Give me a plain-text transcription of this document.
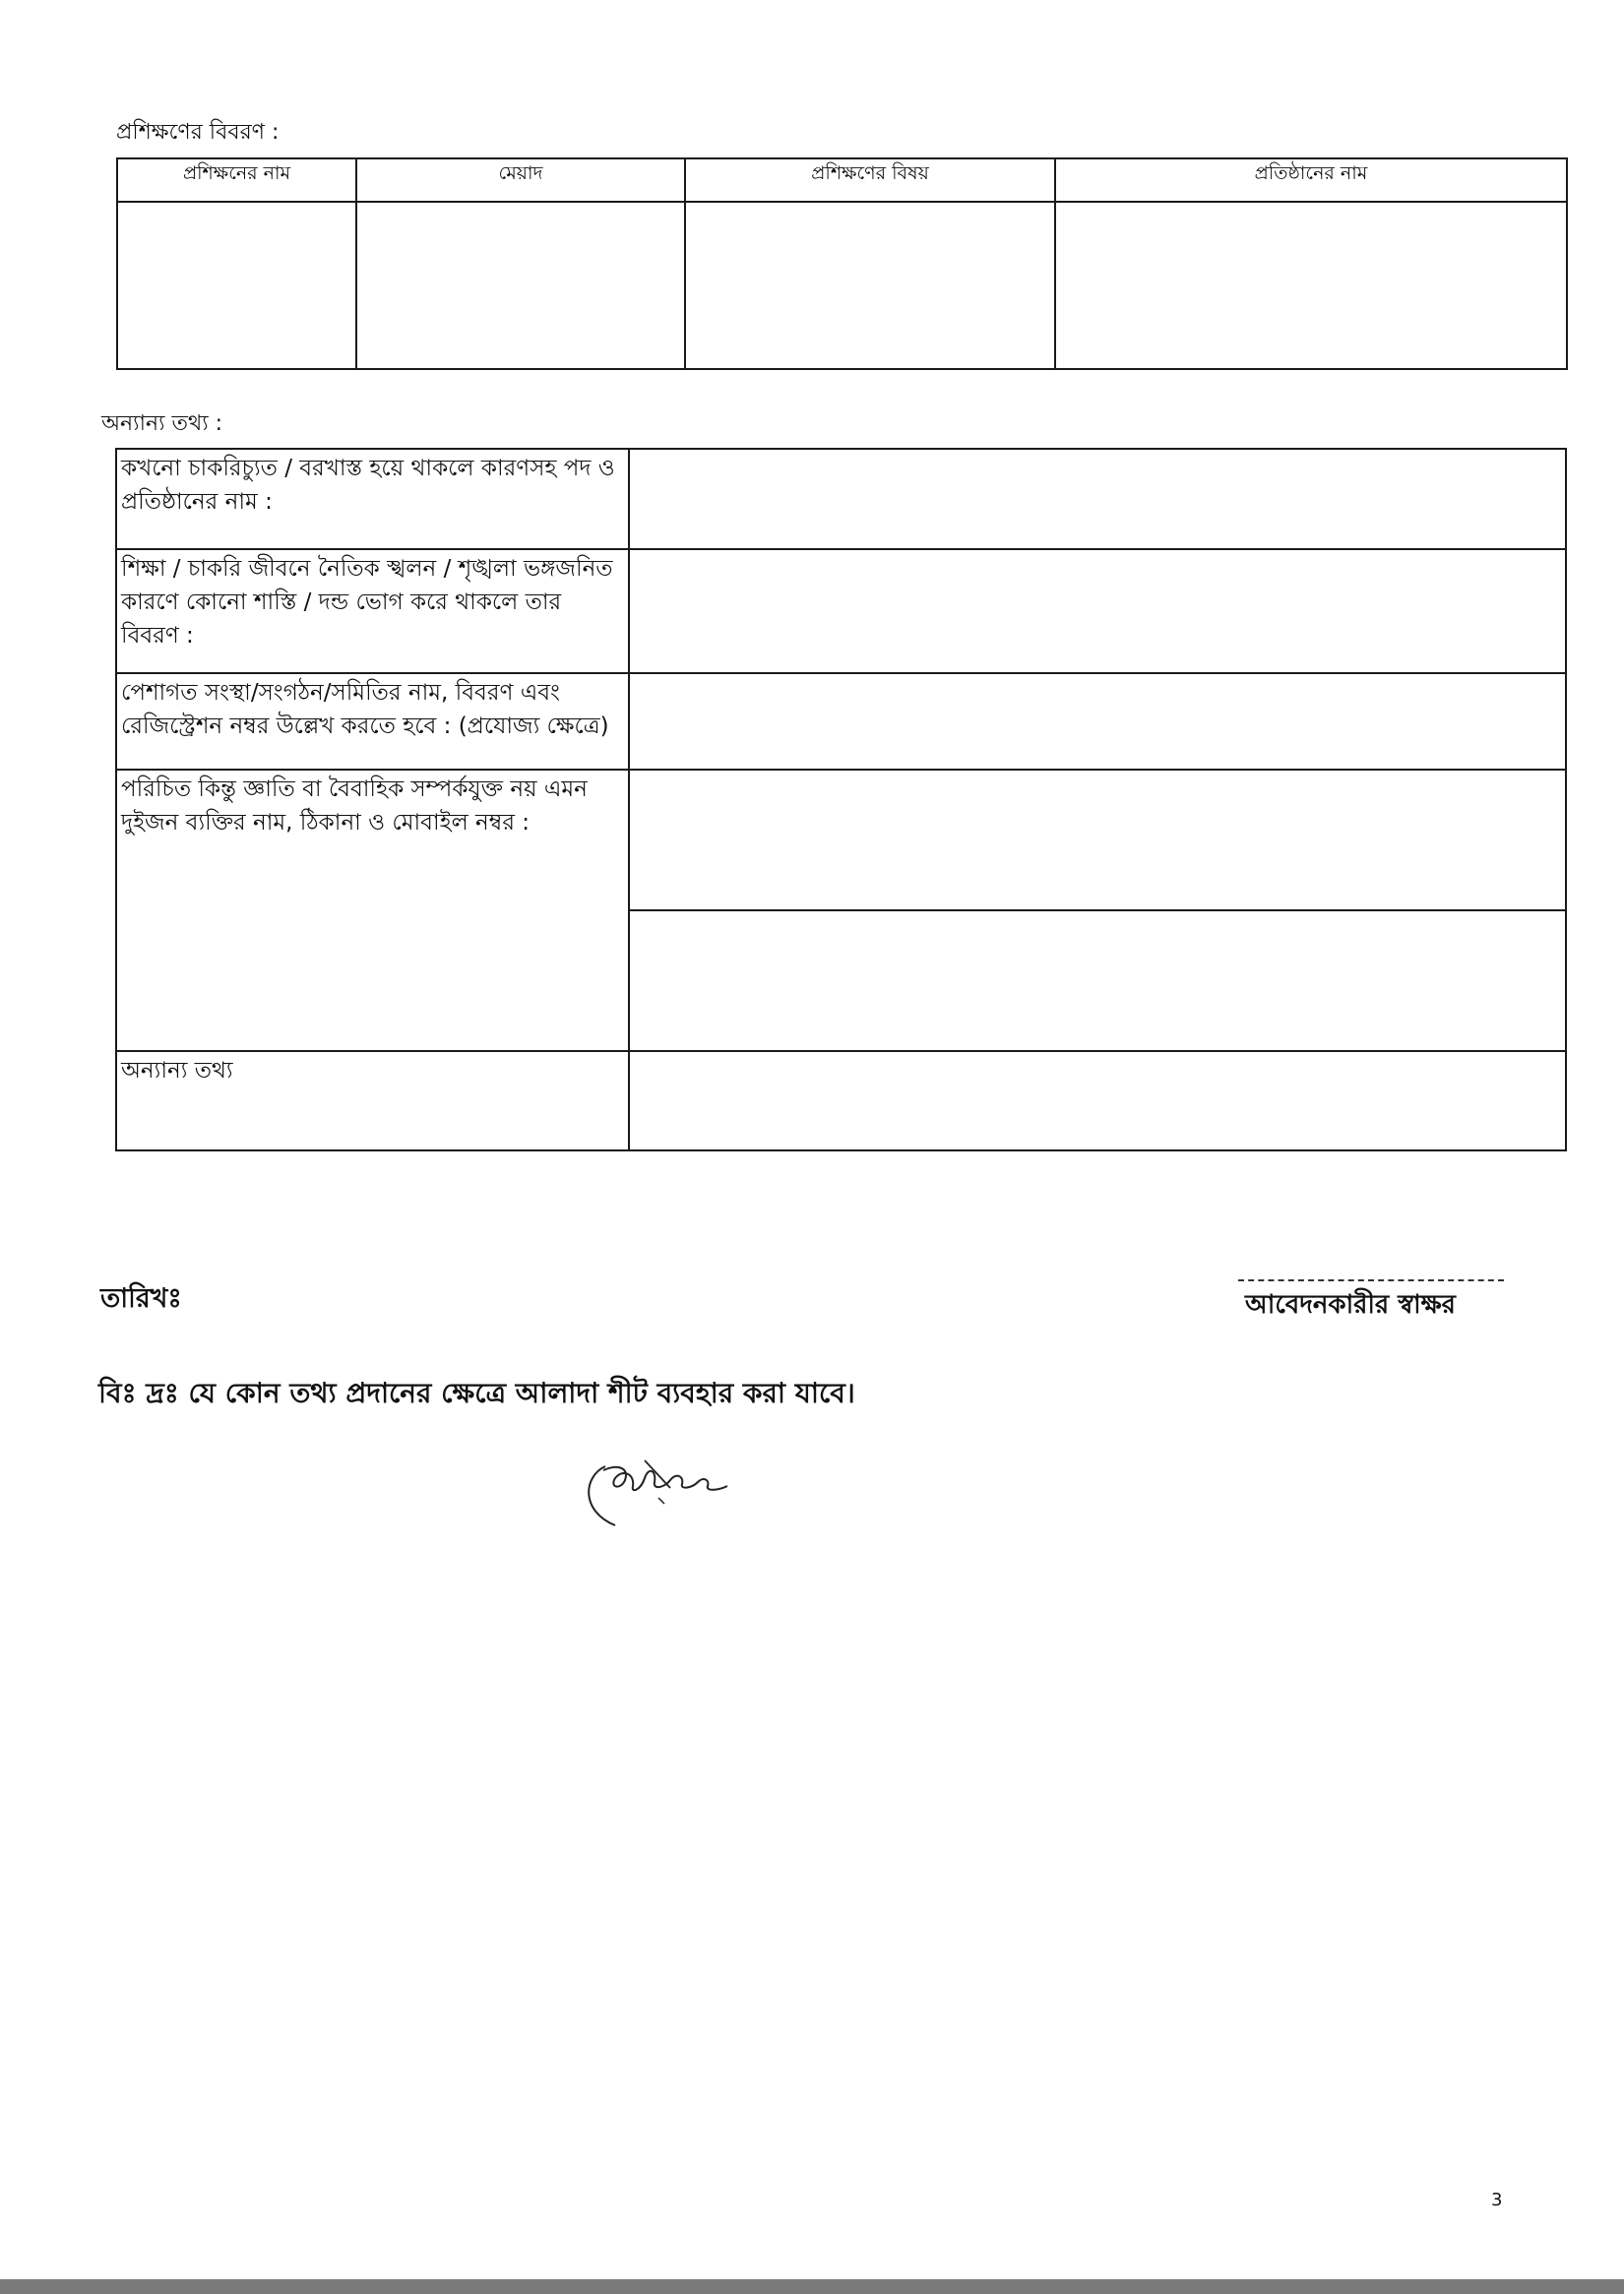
প্রশিক্ষণের বিবরণ :
প্রশিক্ষনের নাম	মেয়াদ	প্রশিক্ষণের বিষয়	প্রতিষ্ঠানের নাম

অন্যান্য তথ্য :
কখনো চাকরিচ্যুত / বরখাস্ত হয়ে থাকলে কারণসহ পদ ও প্রতিষ্ঠানের নাম :	
শিক্ষা / চাকরি জীবনে নৈতিক স্খলন / শৃঙ্খলা ভঙ্গজনিত কারণে কোনো শাস্তি / দন্ড ভোগ করে থাকলে তার বিবরণ :	
পেশাগত সংস্থা/সংগঠন/সমিতির নাম, বিবরণ এবং রেজিস্ট্রেশন নম্বর উল্লেখ করতে হবে : (প্রযোজ্য ক্ষেত্রে)	
পরিচিত কিন্তু জ্ঞাতি বা বৈবাহিক সম্পর্কযুক্ত নয় এমন দুইজন ব্যক্তির নাম, ঠিকানা ও মোবাইল নম্বর :	

অন্যান্য তথ্য	
তারিখঃ	আবেদনকারীর স্বাক্ষর
বিঃ দ্রঃ যে কোন তথ্য প্রদানের ক্ষেত্রে আলাদা শীট ব্যবহার করা যাবে।
3
